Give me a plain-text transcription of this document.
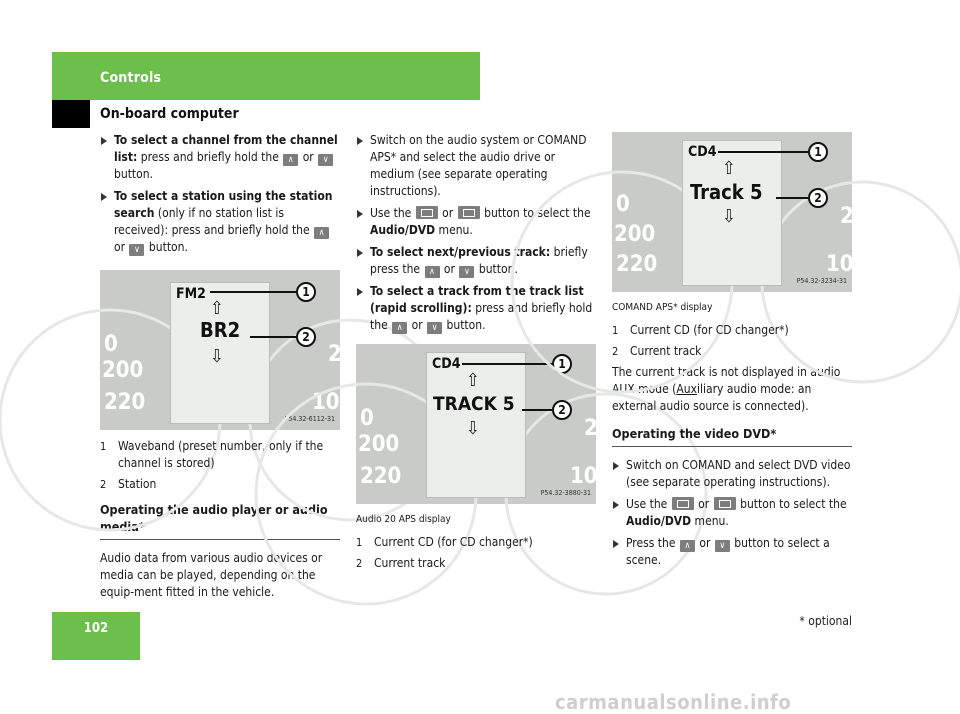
Controls
On-board computer
To select a channel from the channel list: press and briefly hold the ∧ or ∨ button.
To select a station using the station search (only if no station list is received): press and briefly hold the ∧ or ∨ button.
0
200
220	10
2
FM2
⇧
BR2
⇩
1
2
P54.32-6112-31
1 Waveband (preset number, only if the channel is stored)
2 Station
Operating the audio player or audio media*

Audio data from various audio devices or media can be played, depending on the equip-ment fitted in the vehicle.

Switch on the audio system or COMAND APS* and select the audio drive or medium (see separate operating instructions).
Use the  or  button to select the Audio/DVD menu.
To select next/previous track: briefly press the ∧ or ∨ button.
To select a track from the track list (rapid scrolling): press and briefly hold the ∧ or ∨ button.
0
200
220	10
2
CD4
⇧
TRACK 5
⇩
1
2
P54.32-3880-31
Audio 20 APS display
1 Current CD (for CD changer*)
2 Current track
0
200
220	10
2
CD4
⇧
Track 5
⇩
1
2
P54.32-3234-31
COMAND APS* display
1 Current CD (for CD changer*)
2 Current track

The current track is not displayed in audio AUX mode (Auxiliary audio mode: an external audio source is connected).

Operating the video DVD*
Switch on COMAND and select DVD video (see separate operating instructions).
Use the  or  button to select the Audio/DVD menu.
Press the ∧ or ∨ button to select a scene.
102	* optional
carmanualsonline.info
